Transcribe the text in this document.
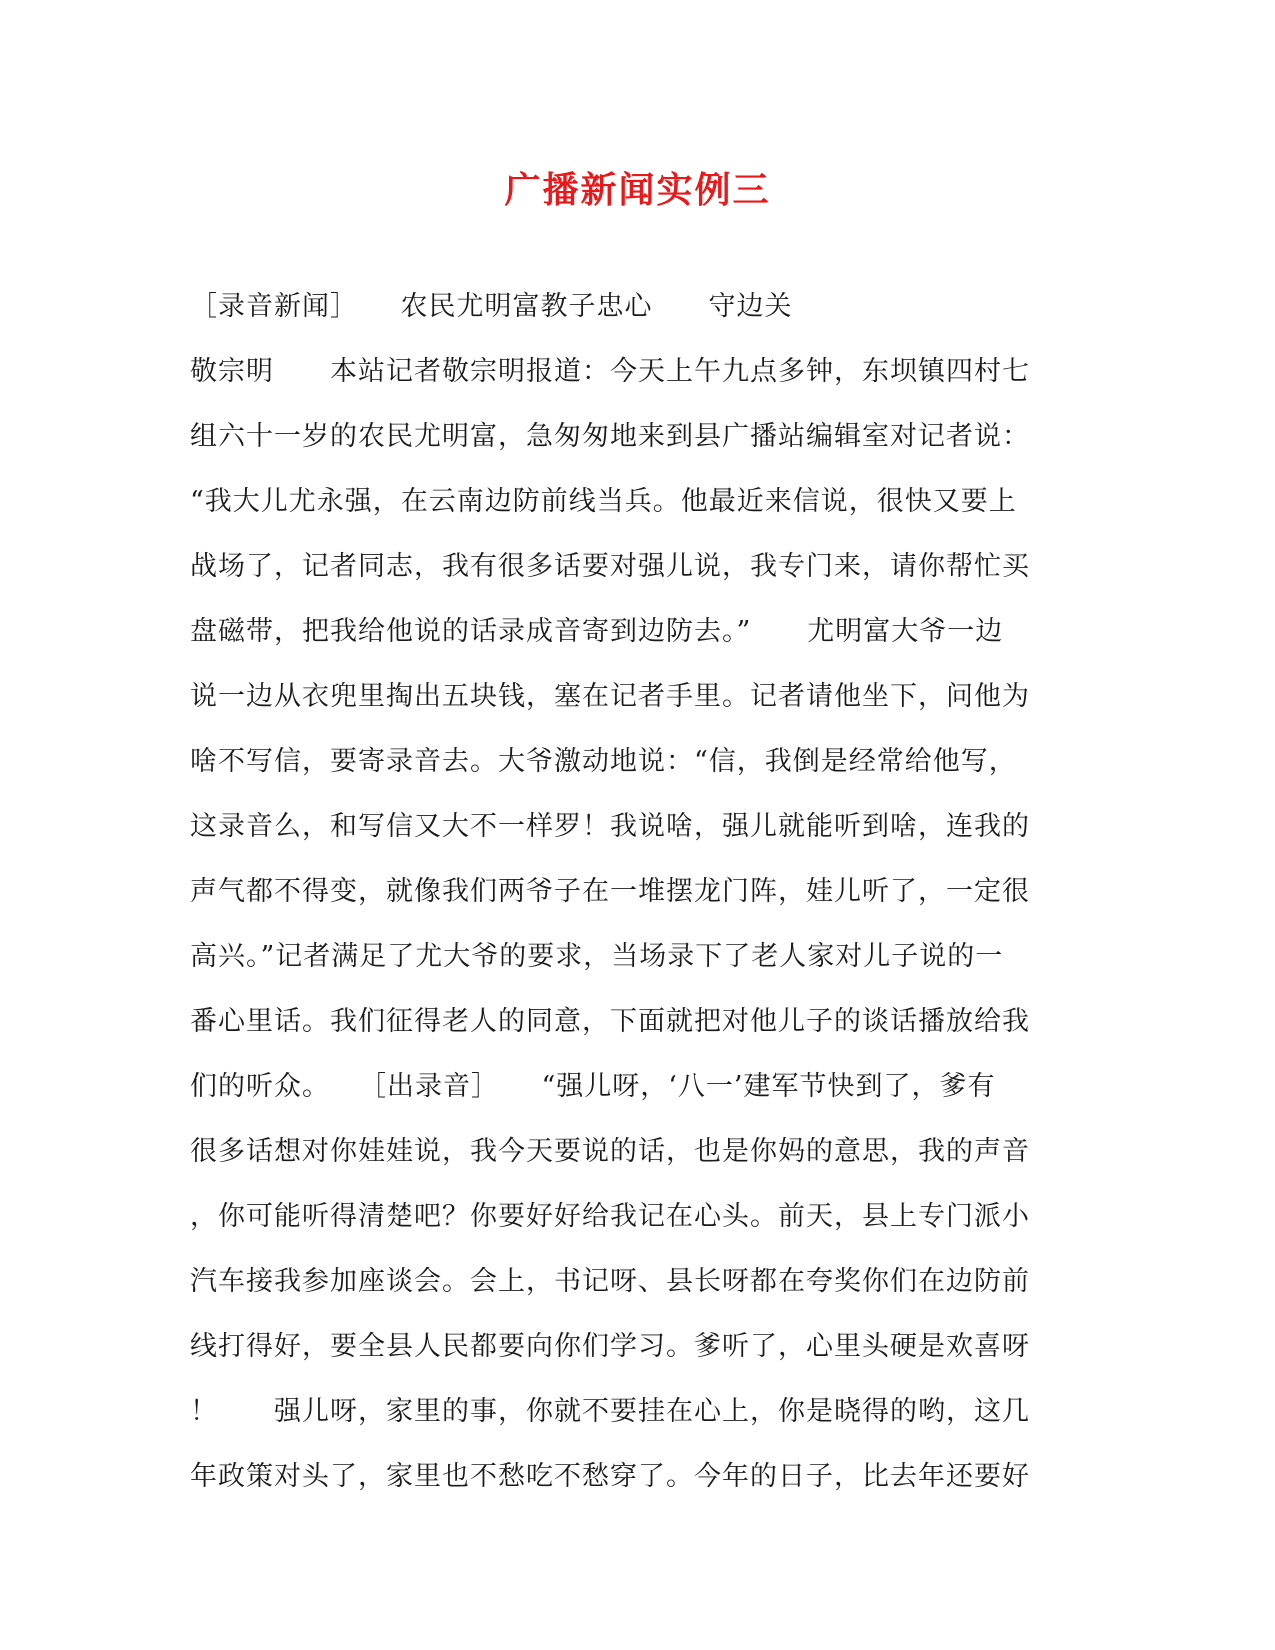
广播新闻实例三
［录音新闻］　　农民尤明富教子忠心　　守边关
敬宗明　　本站记者敬宗明报道：今天上午九点多钟，东坝镇四村七
组六十一岁的农民尤明富，急匆匆地来到县广播站编辑室对记者说：
“我大儿尤永强，在云南边防前线当兵。他最近来信说，很快又要上
战场了，记者同志，我有很多话要对强儿说，我专门来，请你帮忙买
盘磁带，把我给他说的话录成音寄到边防去。”　　尤明富大爷一边
说一边从衣兜里掏出五块钱，塞在记者手里。记者请他坐下，问他为
啥不写信，要寄录音去。大爷激动地说：“信，我倒是经常给他写，
这录音么，和写信又大不一样罗！我说啥，强儿就能听到啥，连我的
声气都不得变，就像我们两爷子在一堆摆龙门阵，娃儿听了，一定很
高兴。”记者满足了尤大爷的要求，当场录下了老人家对儿子说的一
番心里话。我们征得老人的同意，下面就把对他儿子的谈话播放给我
们的听众。　　［出录音］　　“强儿呀，‘八一’建军节快到了，爹有
很多话想对你娃娃说，我今天要说的话，也是你妈的意思，我的声音
，你可能听得清楚吧？你要好好给我记在心头。前天，县上专门派小
汽车接我参加座谈会。会上，书记呀、县长呀都在夸奖你们在边防前
线打得好，要全县人民都要向你们学习。爹听了，心里头硬是欢喜呀
！　　强儿呀，家里的事，你就不要挂在心上，你是晓得的哟，这几
年政策对头了，家里也不愁吃不愁穿了。今年的日子，比去年还要好
